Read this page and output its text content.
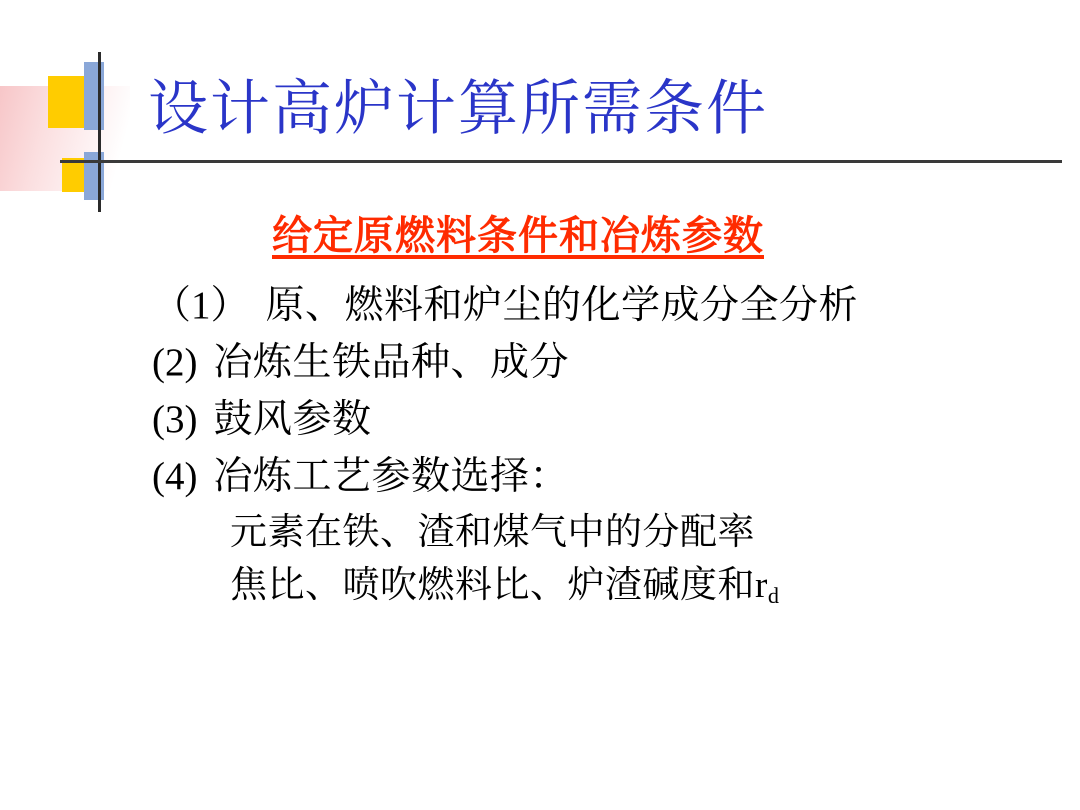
设计高炉计算所需条件
给定原燃料条件和冶炼参数
（1） 原、燃料和炉尘的化学成分全分析
(2) 冶炼生铁品种、成分
(3) 鼓风参数
(4) 冶炼工艺参数选择：
元素在铁、渣和煤气中的分配率
焦比、喷吹燃料比、炉渣碱度和$r_d$
